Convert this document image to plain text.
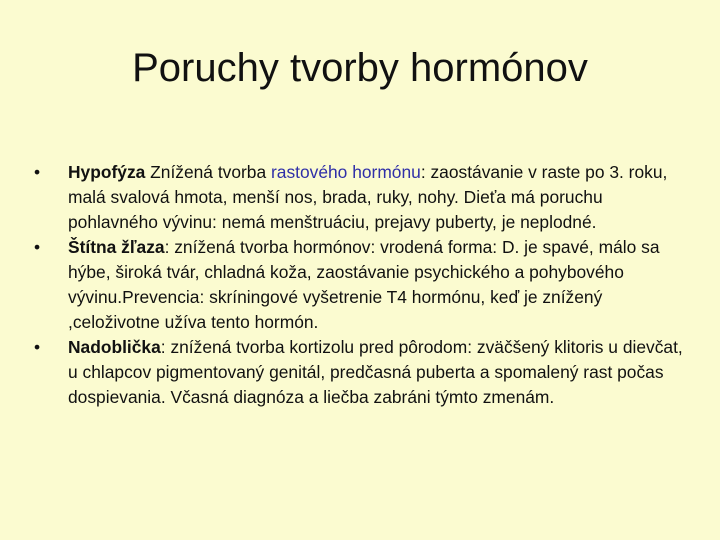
Poruchy tvorby hormónov
• Hypofýza Znížená tvorba rastového hormónu: zaostávanie v raste po 3. roku, malá svalová hmota, menší nos, brada, ruky, nohy. Dieťa má poruchu pohlavného vývinu: nemá menštruáciu, prejavy puberty, je neplodné.
• Štítna žľaza: znížená tvorba hormónov: vrodená forma: D. je spavé, málo sa hýbe, široká tvár, chladná koža, zaostávanie psychického a pohybového vývinu.Prevencia: skríningové vyšetrenie T4 hormónu, keď je znížený ,celoživotne užíva tento hormón.
• Nadoblička: znížená tvorba kortizolu pred pôrodom: zväčšený klitoris u dievčat, u chlapcov pigmentovaný genitál, predčasná puberta a spomalený rast počas dospievania. Včasná diagnóza a liečba zabráni týmto zmenám.
